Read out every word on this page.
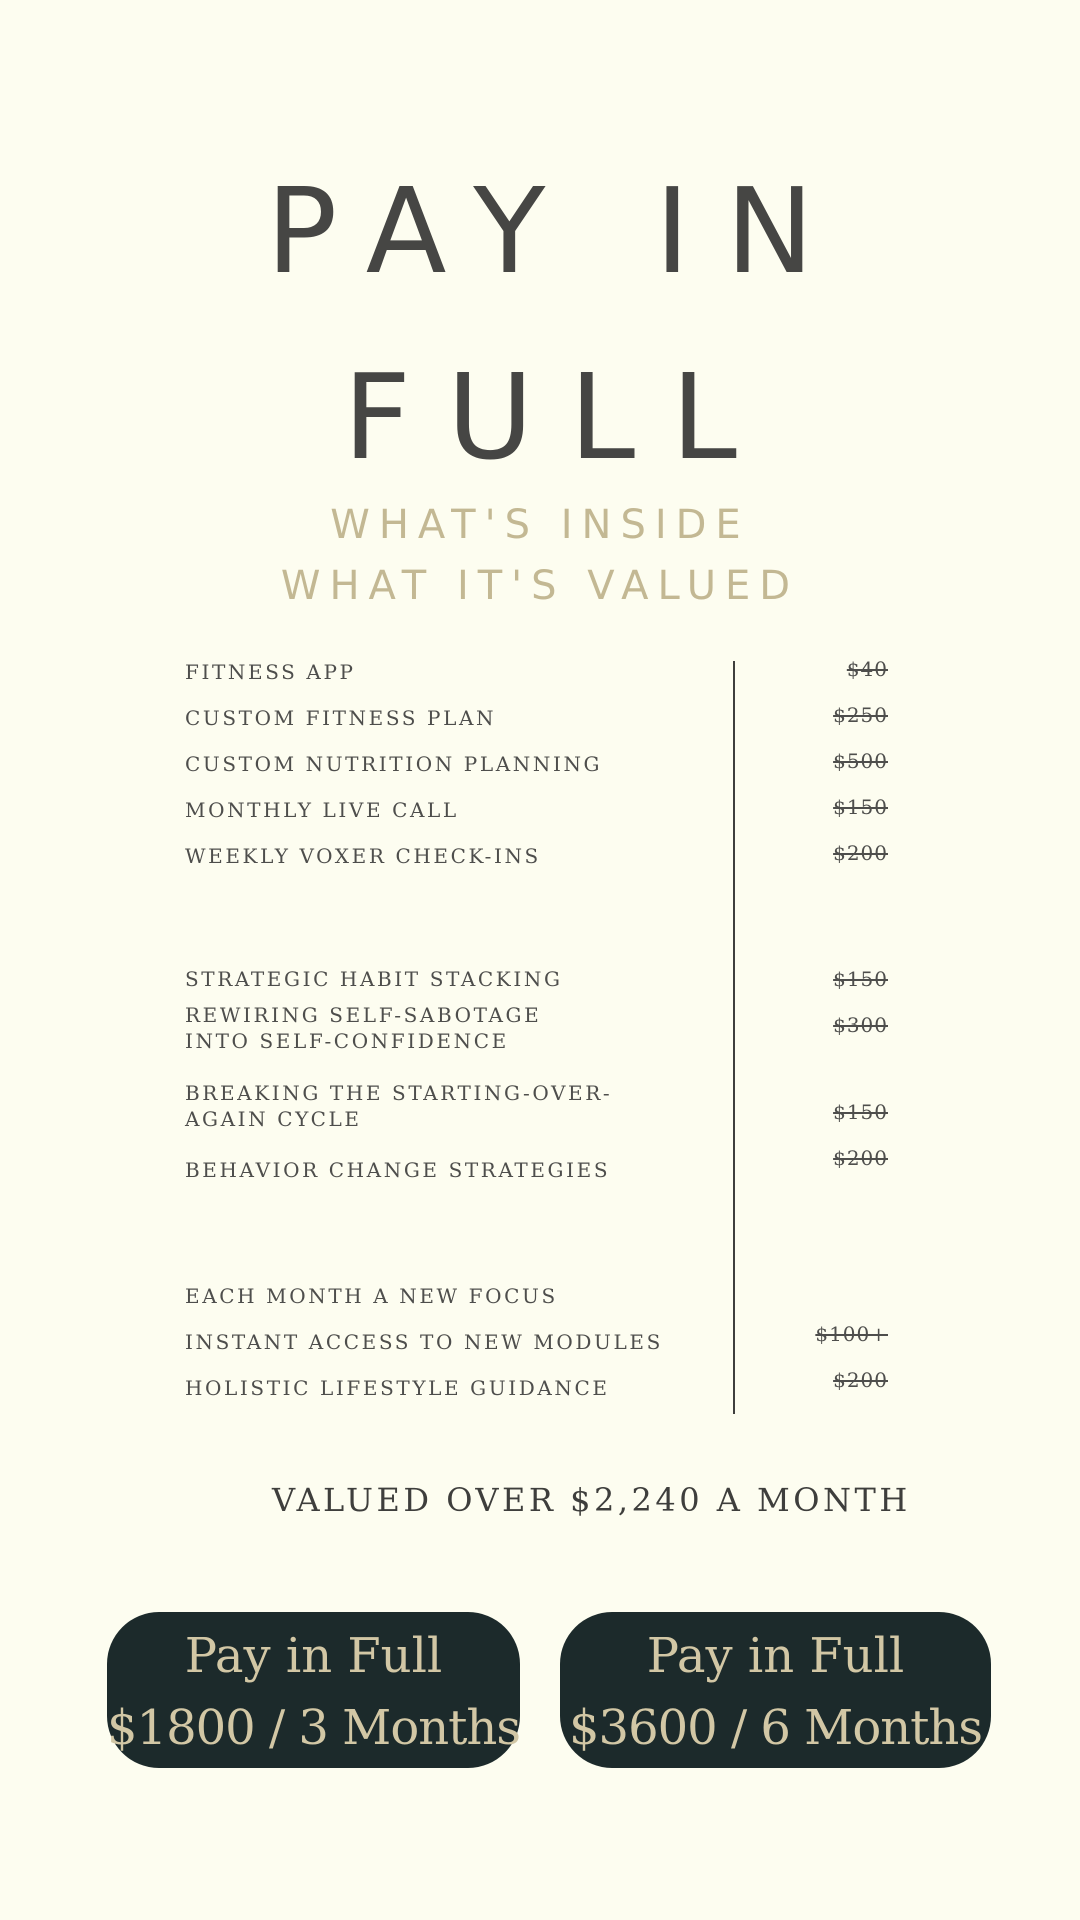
PAY IN
FULL
WHAT'S INSIDE
WHAT IT'S VALUED
FITNESS APP
CUSTOM FITNESS PLAN
CUSTOM NUTRITION PLANNING
MONTHLY LIVE CALL
WEEKLY VOXER CHECK-INS
STRATEGIC HABIT STACKING
REWIRING SELF-SABOTAGE INTO SELF-CONFIDENCE
BREAKING THE STARTING-OVER-AGAIN CYCLE
BEHAVIOR CHANGE STRATEGIES
EACH MONTH A NEW FOCUS
INSTANT ACCESS TO NEW MODULES
HOLISTIC LIFESTYLE GUIDANCE
$40
$250
$500
$150
$200
$150
$300
$150
$200
$100+
$200
VALUED OVER $2,240 A MONTH
Pay in Full
$1800 / 3 Months
Pay in Full
$3600 / 6 Months
